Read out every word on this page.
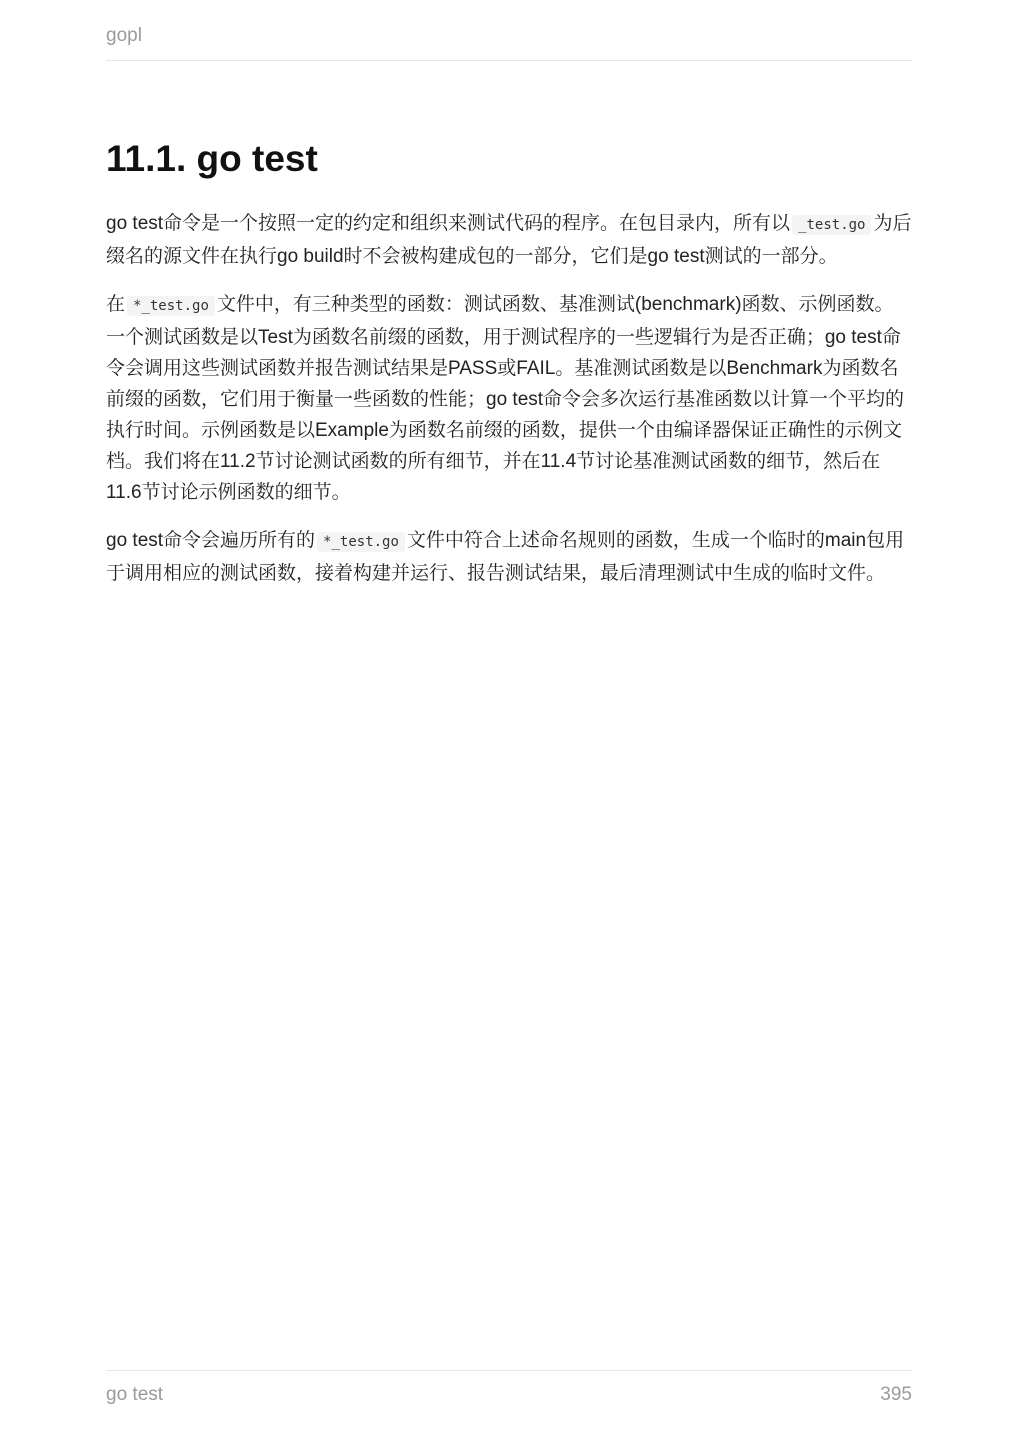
gopl
11.1. go test

go test命令是一个按照一定的约定和组织来测试代码的程序。在包目录内，所有以 _test.go 为后缀名的源文件在执行go build时不会被构建成包的一部分，它们是go test测试的一部分。

在 *_test.go 文件中，有三种类型的函数：测试函数、基准测试(benchmark)函数、示例函数。一个测试函数是以Test为函数名前缀的函数，用于测试程序的一些逻辑行为是否正确；go test命令会调用这些测试函数并报告测试结果是PASS或FAIL。基准测试函数是以Benchmark为函数名前缀的函数，它们用于衡量一些函数的性能；go test命令会多次运行基准函数以计算一个平均的执行时间。示例函数是以Example为函数名前缀的函数，提供一个由编译器保证正确性的示例文档。我们将在11.2节讨论测试函数的所有细节，并在11.4节讨论基准测试函数的细节，然后在11.6节讨论示例函数的细节。

go test命令会遍历所有的 *_test.go 文件中符合上述命名规则的函数，生成一个临时的main包用于调用相应的测试函数，接着构建并运行、报告测试结果，最后清理测试中生成的临时文件。

go test	395
